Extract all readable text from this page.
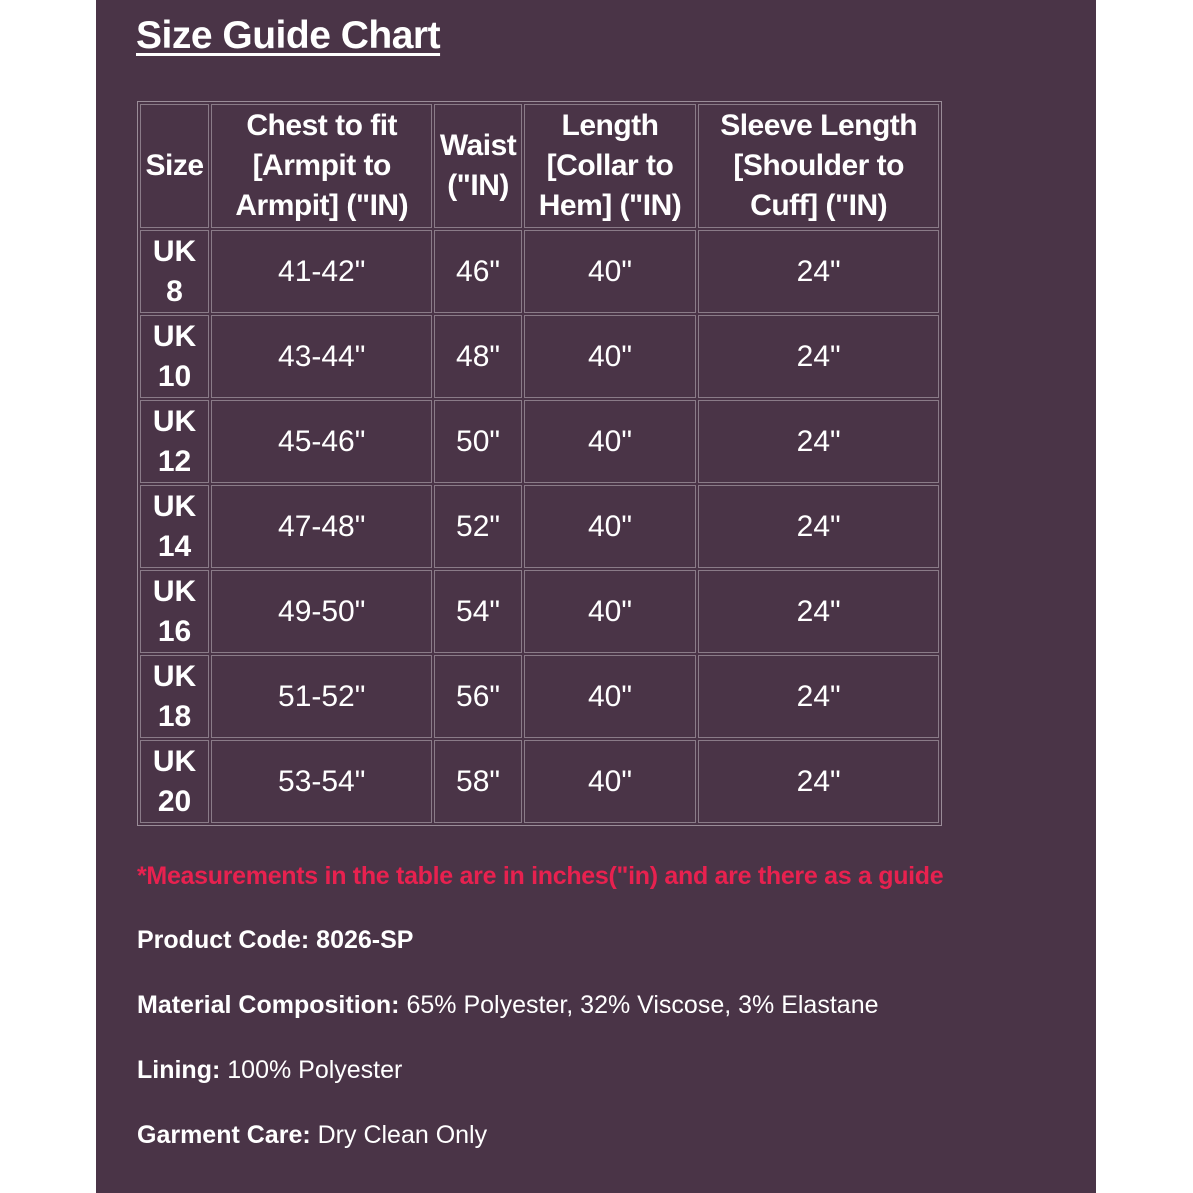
Size Guide Chart
Size	Chest to fit [Armpit to Armpit] ("IN)	Waist ("IN)	Length [Collar to Hem] ("IN)	Sleeve Length [Shoulder to Cuff] ("IN)
UK 8	41-42"	46"	40"	24"
UK 10	43-44"	48"	40"	24"
UK 12	45-46"	50"	40"	24"
UK 14	47-48"	52"	40"	24"
UK 16	49-50"	54"	40"	24"
UK 18	51-52"	56"	40"	24"
UK 20	53-54"	58"	40"	24"

*Measurements in the table are in inches("in) and are there as a guide

Product Code: 8026-SP

Material Composition: 65% Polyester, 32% Viscose, 3% Elastane

Lining: 100% Polyester

Garment Care: Dry Clean Only
